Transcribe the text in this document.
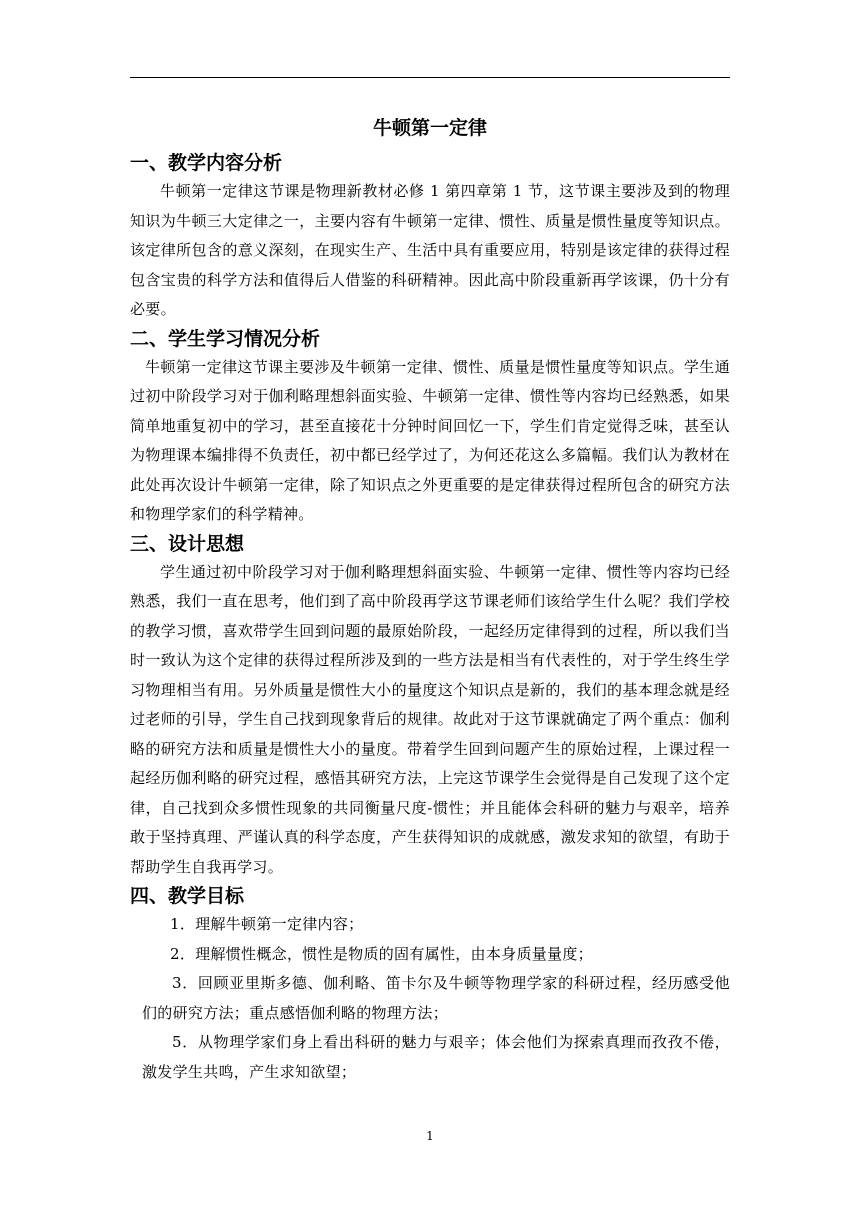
牛顿第一定律
一、教学内容分析

牛顿第一定律这节课是物理新教材必修 1 第四章第 1 节，这节课主要涉及到的物理知识为牛顿三大定律之一，主要内容有牛顿第一定律、惯性、质量是惯性量度等知识点。该定律所包含的意义深刻，在现实生产、生活中具有重要应用，特别是该定律的获得过程包含宝贵的科学方法和值得后人借鉴的科研精神。因此高中阶段重新再学该课，仍十分有必要。

二、学生学习情况分析

牛顿第一定律这节课主要涉及牛顿第一定律、惯性、质量是惯性量度等知识点。学生通过初中阶段学习对于伽利略理想斜面实验、牛顿第一定律、惯性等内容均已经熟悉，如果简单地重复初中的学习，甚至直接花十分钟时间回忆一下，学生们肯定觉得乏味，甚至认为物理课本编排得不负责任，初中都已经学过了，为何还花这么多篇幅。我们认为教材在此处再次设计牛顿第一定律，除了知识点之外更重要的是定律获得过程所包含的研究方法和物理学家们的科学精神。

三、设计思想

学生通过初中阶段学习对于伽利略理想斜面实验、牛顿第一定律、惯性等内容均已经熟悉，我们一直在思考，他们到了高中阶段再学这节课老师们该给学生什么呢？我们学校的教学习惯，喜欢带学生回到问题的最原始阶段，一起经历定律得到的过程，所以我们当时一致认为这个定律的获得过程所涉及到的一些方法是相当有代表性的，对于学生终生学习物理相当有用。另外质量是惯性大小的量度这个知识点是新的，我们的基本理念就是经过老师的引导，学生自己找到现象背后的规律。故此对于这节课就确定了两个重点：伽利略的研究方法和质量是惯性大小的量度。带着学生回到问题产生的原始过程，上课过程一起经历伽利略的研究过程，感悟其研究方法，上完这节课学生会觉得是自己发现了这个定律，自己找到众多惯性现象的共同衡量尺度-惯性；并且能体会科研的魅力与艰辛，培养敢于坚持真理、严谨认真的科学态度，产生获得知识的成就感，激发求知的欲望，有助于帮助学生自我再学习。

四、教学目标

1．理解牛顿第一定律内容；

2．理解惯性概念，惯性是物质的固有属性，由本身质量量度；

3．回顾亚里斯多德、伽利略、笛卡尔及牛顿等物理学家的科研过程，经历感受他们的研究方法；重点感悟伽利略的物理方法；

5．从物理学家们身上看出科研的魅力与艰辛；体会他们为探索真理而孜孜不倦，激发学生共鸣，产生求知欲望；

1
